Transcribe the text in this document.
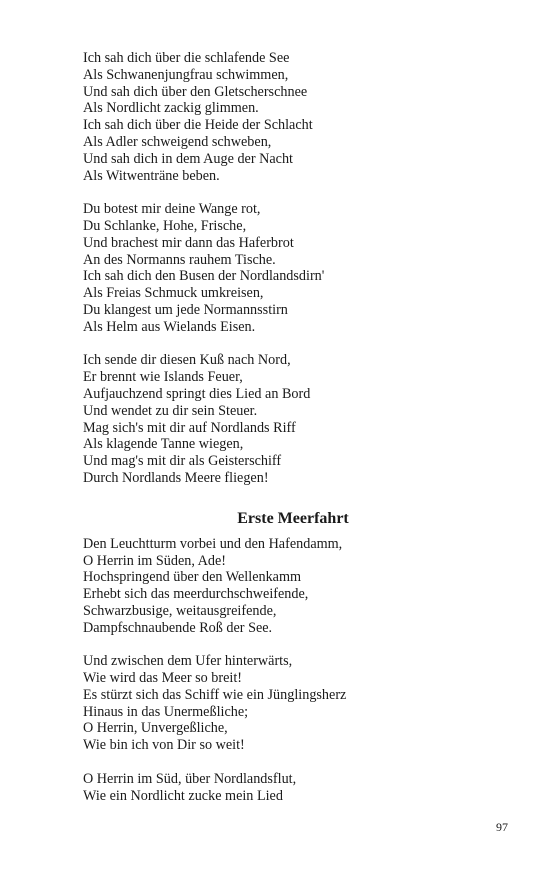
Ich sah dich über die schlafende See
Als Schwanenjungfrau schwimmen,
Und sah dich über den Gletscherschnee
Als Nordlicht zackig glimmen.
Ich sah dich über die Heide der Schlacht
Als Adler schweigend schweben,
Und sah dich in dem Auge der Nacht
Als Witwenträne beben.
Du botest mir deine Wange rot,
Du Schlanke, Hohe, Frische,
Und brachest mir dann das Haferbrot
An des Normanns rauhem Tische.
Ich sah dich den Busen der Nordlandsdirn'
Als Freias Schmuck umkreisen,
Du klangest um jede Normannsstirn
Als Helm aus Wielands Eisen.
Ich sende dir diesen Kuß nach Nord,
Er brennt wie Islands Feuer,
Aufjauchzend springt dies Lied an Bord
Und wendet zu dir sein Steuer.
Mag sich's mit dir auf Nordlands Riff
Als klagende Tanne wiegen,
Und mag's mit dir als Geisterschiff
Durch Nordlands Meere fliegen!
Erste Meerfahrt
Den Leuchtturm vorbei und den Hafendamm,
O Herrin im Süden, Ade!
Hochspringend über den Wellenkamm
Erhebt sich das meerdurchschweifende,
Schwarzbusige, weitausgreifende,
Dampfschnaubende Roß der See.
Und zwischen dem Ufer hinterwärts,
Wie wird das Meer so breit!
Es stürzt sich das Schiff wie ein Jünglingsherz
Hinaus in das Unermeßliche;
O Herrin, Unvergeßliche,
Wie bin ich von Dir so weit!
O Herrin im Süd, über Nordlandsflut,
Wie ein Nordlicht zucke mein Lied
97
